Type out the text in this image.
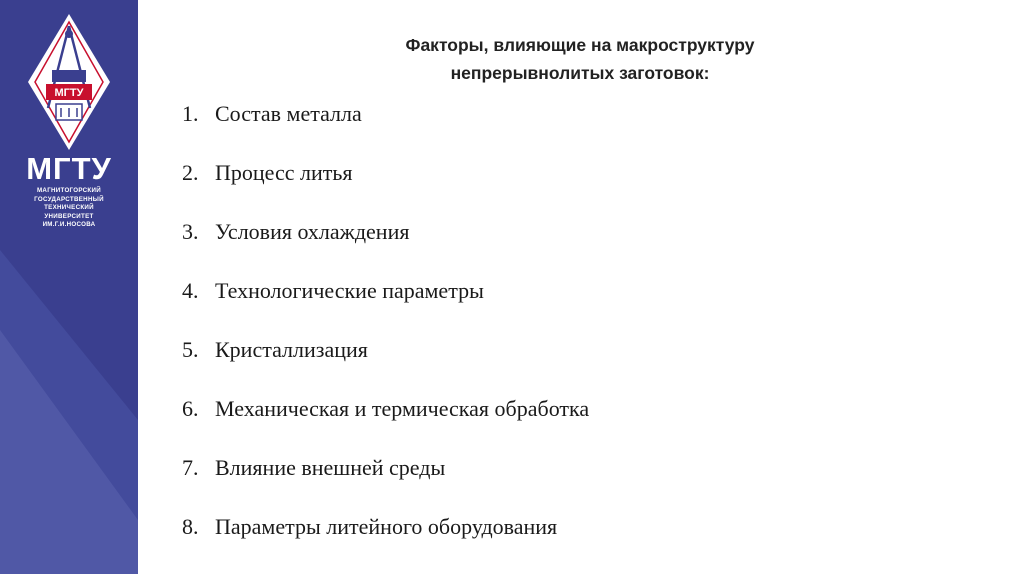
МГТУ
МГТУ
МАГНИТОГОРСКИЙ
ГОСУДАРСТВЕННЫЙ
ТЕХНИЧЕСКИЙ
УНИВЕРСИТЕТ
ИМ.Г.И.НОСОВА
Факторы, влияющие на макроструктуру
непрерывнолитых заготовок:
1. Состав металла
2. Процесс литья
3. Условия охлаждения
4. Технологические параметры
5. Кристаллизация
6. Механическая и термическая обработка
7. Влияние внешней среды
8. Параметры литейного оборудования
